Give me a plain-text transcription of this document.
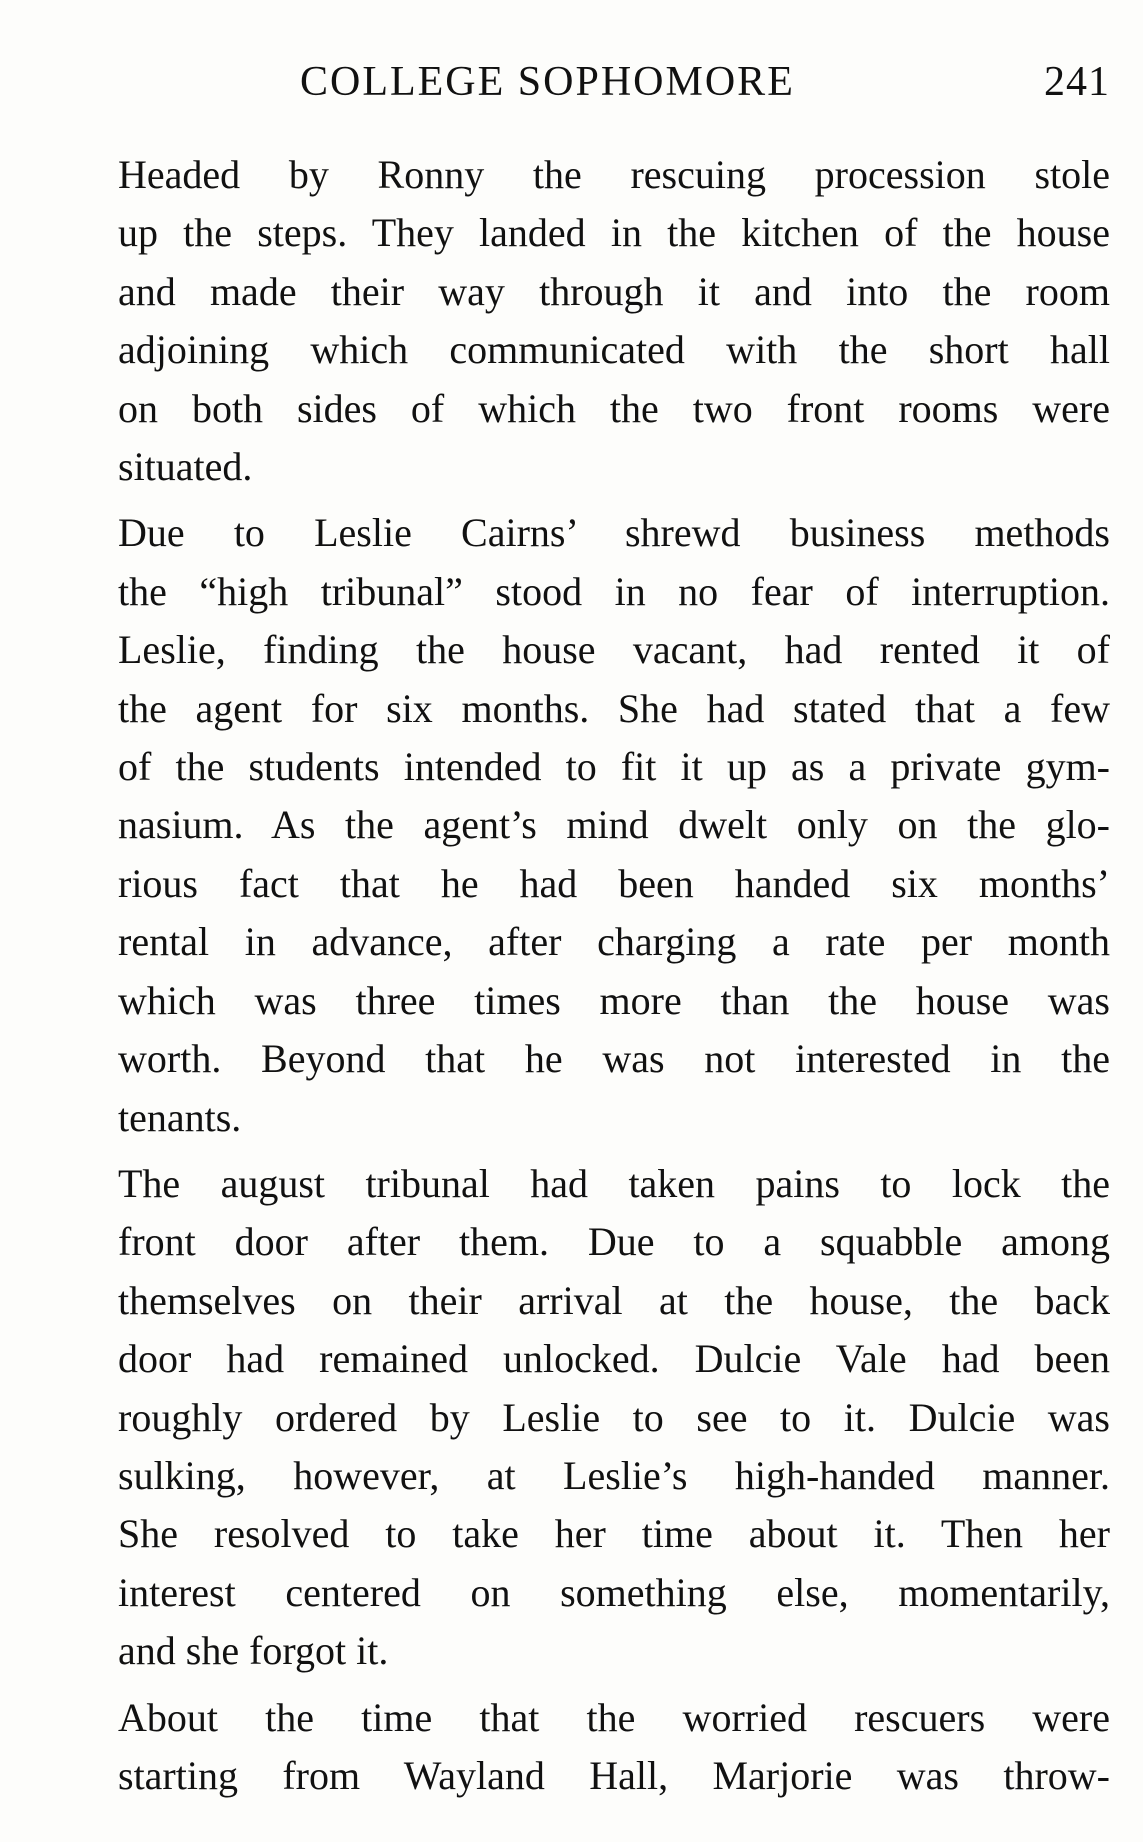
COLLEGE SOPHOMORE	241

Headed by Ronny the rescuing procession stole
up the steps. They landed in the kitchen of the house
and made their way through it and into the room
adjoining which communicated with the short hall
on both sides of which the two front rooms were
situated.

Due to Leslie Cairns’ shrewd business methods
the “high tribunal” stood in no fear of interruption.
Leslie, finding the house vacant, had rented it of
the agent for six months. She had stated that a few
of the students intended to fit it up as a private gym-
nasium. As the agent’s mind dwelt only on the glo-
rious fact that he had been handed six months’
rental in advance, after charging a rate per month
which was three times more than the house was
worth. Beyond that he was not interested in the
tenants.

The august tribunal had taken pains to lock the
front door after them. Due to a squabble among
themselves on their arrival at the house, the back
door had remained unlocked. Dulcie Vale had been
roughly ordered by Leslie to see to it. Dulcie was
sulking, however, at Leslie’s high-handed manner.
She resolved to take her time about it. Then her
interest centered on something else, momentarily,
and she forgot it.

About the time that the worried rescuers were
starting from Wayland Hall, Marjorie was throw-
